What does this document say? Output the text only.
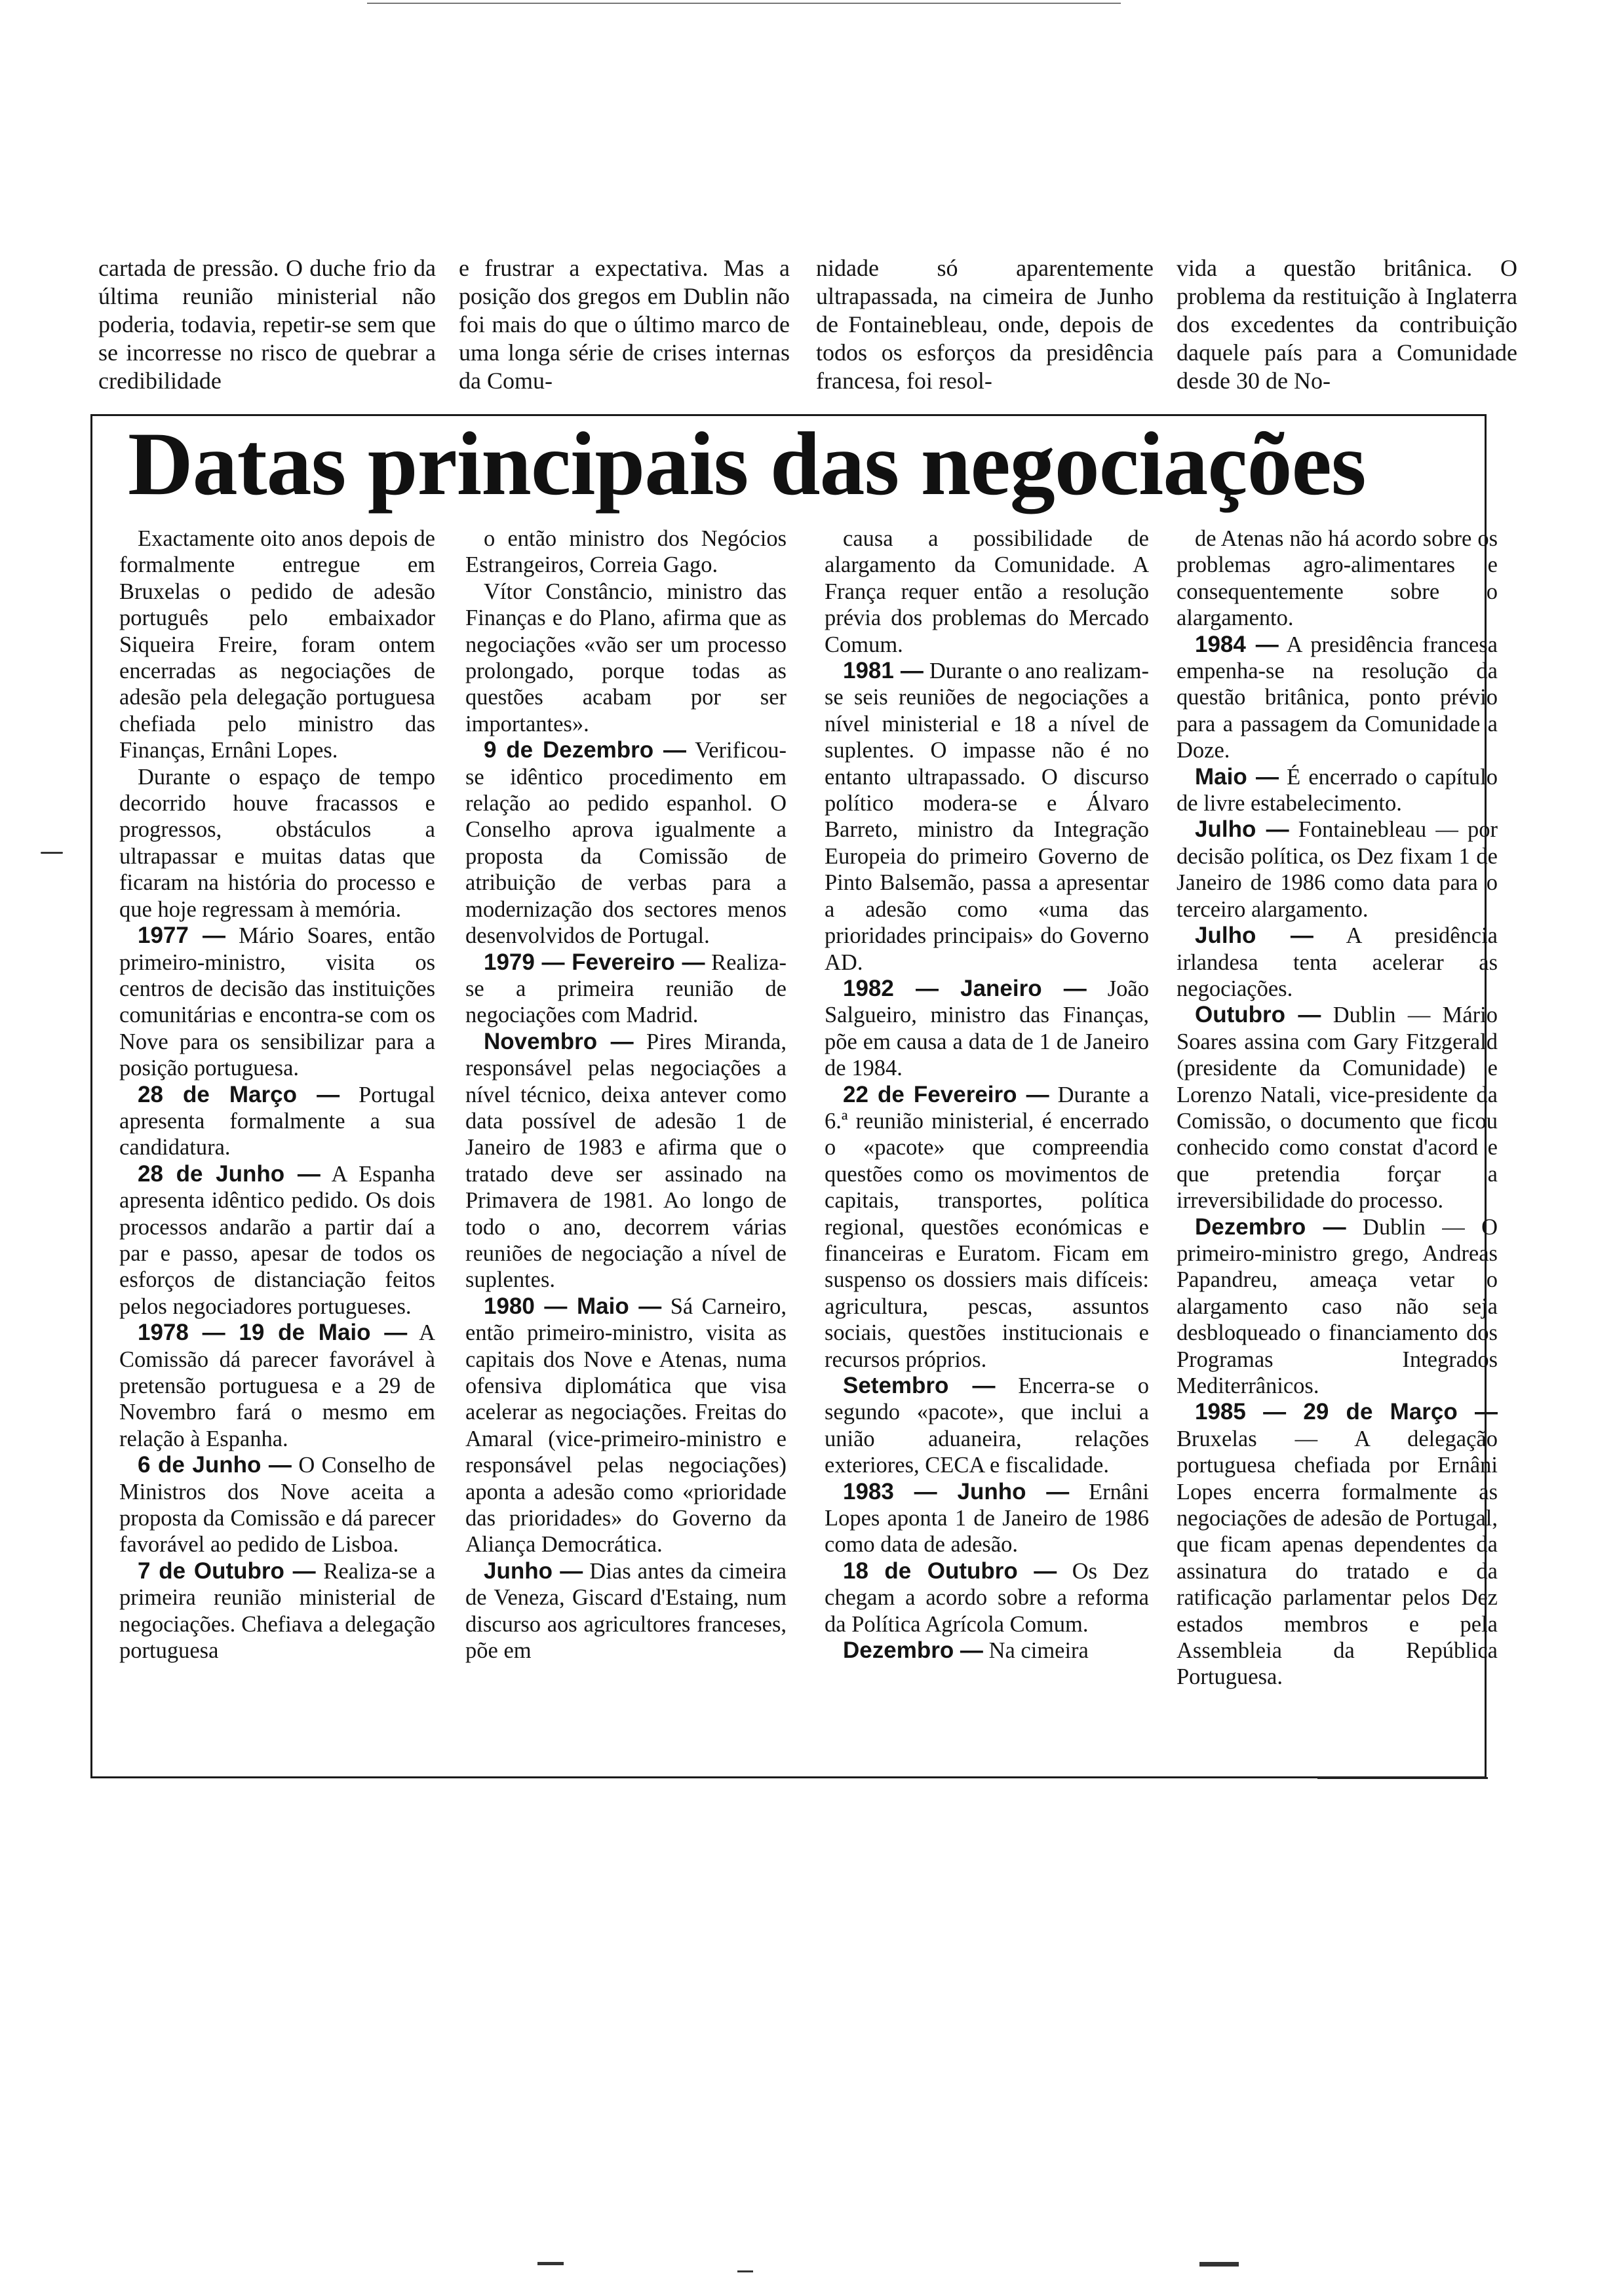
cartada de pressão. O duche frio da última reunião ministerial não poderia, todavia, repetir-se sem que se incorresse no risco de quebrar a credibilidade

e frustrar a expectativa. Mas a posição dos gregos em Dublin não foi mais do que o último marco de uma longa série de crises internas da Comu-

nidade só aparentemente ultrapassada, na cimeira de Junho de Fontainebleau, onde, depois de todos os esforços da presidência francesa, foi resol-

vida a questão britânica. O problema da restituição à Inglaterra dos excedentes da contribuição daquele país para a Comunidade desde 30 de No-

Datas principais das negociações

Exactamente oito anos depois de formalmente entregue em Bruxelas o pedido de adesão português pelo embaixador Siqueira Freire, foram ontem encerradas as negociações de adesão pela delegação portuguesa chefiada pelo ministro das Finanças, Ernâni Lopes.

Durante o espaço de tempo decorrido houve fracassos e progressos, obstáculos a ultrapassar e muitas datas que ficaram na história do processo e que hoje regressam à memória.

1977 — Mário Soares, então primeiro-ministro, visita os centros de decisão das instituições comunitárias e encontra-se com os Nove para os sensibilizar para a posição portuguesa.

28 de Março — Portugal apresenta formalmente a sua candidatura.

28 de Junho — A Espanha apresenta idêntico pedido. Os dois processos andarão a partir daí a par e passo, apesar de todos os esforços de distanciação feitos pelos negociadores portugueses.

1978 — 19 de Maio — A Comissão dá parecer favorável à pretensão portuguesa e a 29 de Novembro fará o mesmo em relação à Espanha.

6 de Junho — O Conselho de Ministros dos Nove aceita a proposta da Comissão e dá parecer favorável ao pedido de Lisboa.

7 de Outubro — Realiza-se a primeira reunião ministerial de negociações. Chefiava a delegação portuguesa

o então ministro dos Negócios Estrangeiros, Correia Gago.

Vítor Constâncio, ministro das Finanças e do Plano, afirma que as negociações «vão ser um processo prolongado, porque todas as questões acabam por ser importantes».

9 de Dezembro — Verificou-se idêntico procedimento em relação ao pedido espanhol. O Conselho aprova igualmente a proposta da Comissão de atribuição de verbas para a modernização dos sectores menos desenvolvidos de Portugal.

1979 — Fevereiro — Realiza-se a primeira reunião de negociações com Madrid.

Novembro — Pires Miranda, responsável pelas negociações a nível técnico, deixa antever como data possível de adesão 1 de Janeiro de 1983 e afirma que o tratado deve ser assinado na Primavera de 1981. Ao longo de todo o ano, decorrem várias reuniões de negociação a nível de suplentes.

1980 — Maio — Sá Carneiro, então primeiro-ministro, visita as capitais dos Nove e Atenas, numa ofensiva diplomática que visa acelerar as negociações. Freitas do Amaral (vice-primeiro-ministro e responsável pelas negociações) aponta a adesão como «prioridade das prioridades» do Governo da Aliança Democrática.

Junho — Dias antes da cimeira de Veneza, Giscard d'Estaing, num discurso aos agricultores franceses, põe em

causa a possibilidade de alargamento da Comunidade. A França requer então a resolução prévia dos problemas do Mercado Comum.

1981 — Durante o ano realizam-se seis reuniões de negociações a nível ministerial e 18 a nível de suplentes. O impasse não é no entanto ultrapassado. O discurso político modera-se e Álvaro Barreto, ministro da Integração Europeia do primeiro Governo de Pinto Balsemão, passa a apresentar a adesão como «uma das prioridades principais» do Governo AD.

1982 — Janeiro — João Salgueiro, ministro das Finanças, põe em causa a data de 1 de Janeiro de 1984.

22 de Fevereiro — Durante a 6.ª reunião ministerial, é encerrado o «pacote» que compreendia questões como os movimentos de capitais, transportes, política regional, questões económicas e financeiras e Euratom. Ficam em suspenso os dossiers mais difíceis: agricultura, pescas, assuntos sociais, questões institucionais e recursos próprios.

Setembro — Encerra-se o segundo «pacote», que inclui a união aduaneira, relações exteriores, CECA e fiscalidade.

1983 — Junho — Ernâni Lopes aponta 1 de Janeiro de 1986 como data de adesão.

18 de Outubro — Os Dez chegam a acordo sobre a reforma da Política Agrícola Comum.

Dezembro — Na cimeira

de Atenas não há acordo sobre os problemas agro-alimentares e consequentemente sobre o alargamento.

1984 — A presidência francesa empenha-se na resolução da questão britânica, ponto prévio para a passagem da Comunidade a Doze.

Maio — É encerrado o capítulo de livre estabelecimento.

Julho — Fontainebleau — por decisão política, os Dez fixam 1 de Janeiro de 1986 como data para o terceiro alargamento.

Julho — A presidência irlandesa tenta acelerar as negociações.

Outubro — Dublin — Mário Soares assina com Gary Fitzgerald (presidente da Comunidade) e Lorenzo Natali, vice-presidente da Comissão, o documento que ficou conhecido como constat d'acord e que pretendia forçar a irreversibilidade do processo.

Dezembro — Dublin — O primeiro-ministro grego, Andreas Papandreu, ameaça vetar o alargamento caso não seja desbloqueado o financiamento dos Programas Integrados Mediterrânicos.

1985 — 29 de Março — Bruxelas — A delegação portuguesa chefiada por Ernâni Lopes encerra formalmente as negociações de adesão de Portugal, que ficam apenas dependentes da assinatura do tratado e da ratificação parlamentar pelos Dez estados membros e pela Assembleia da República Portuguesa.
